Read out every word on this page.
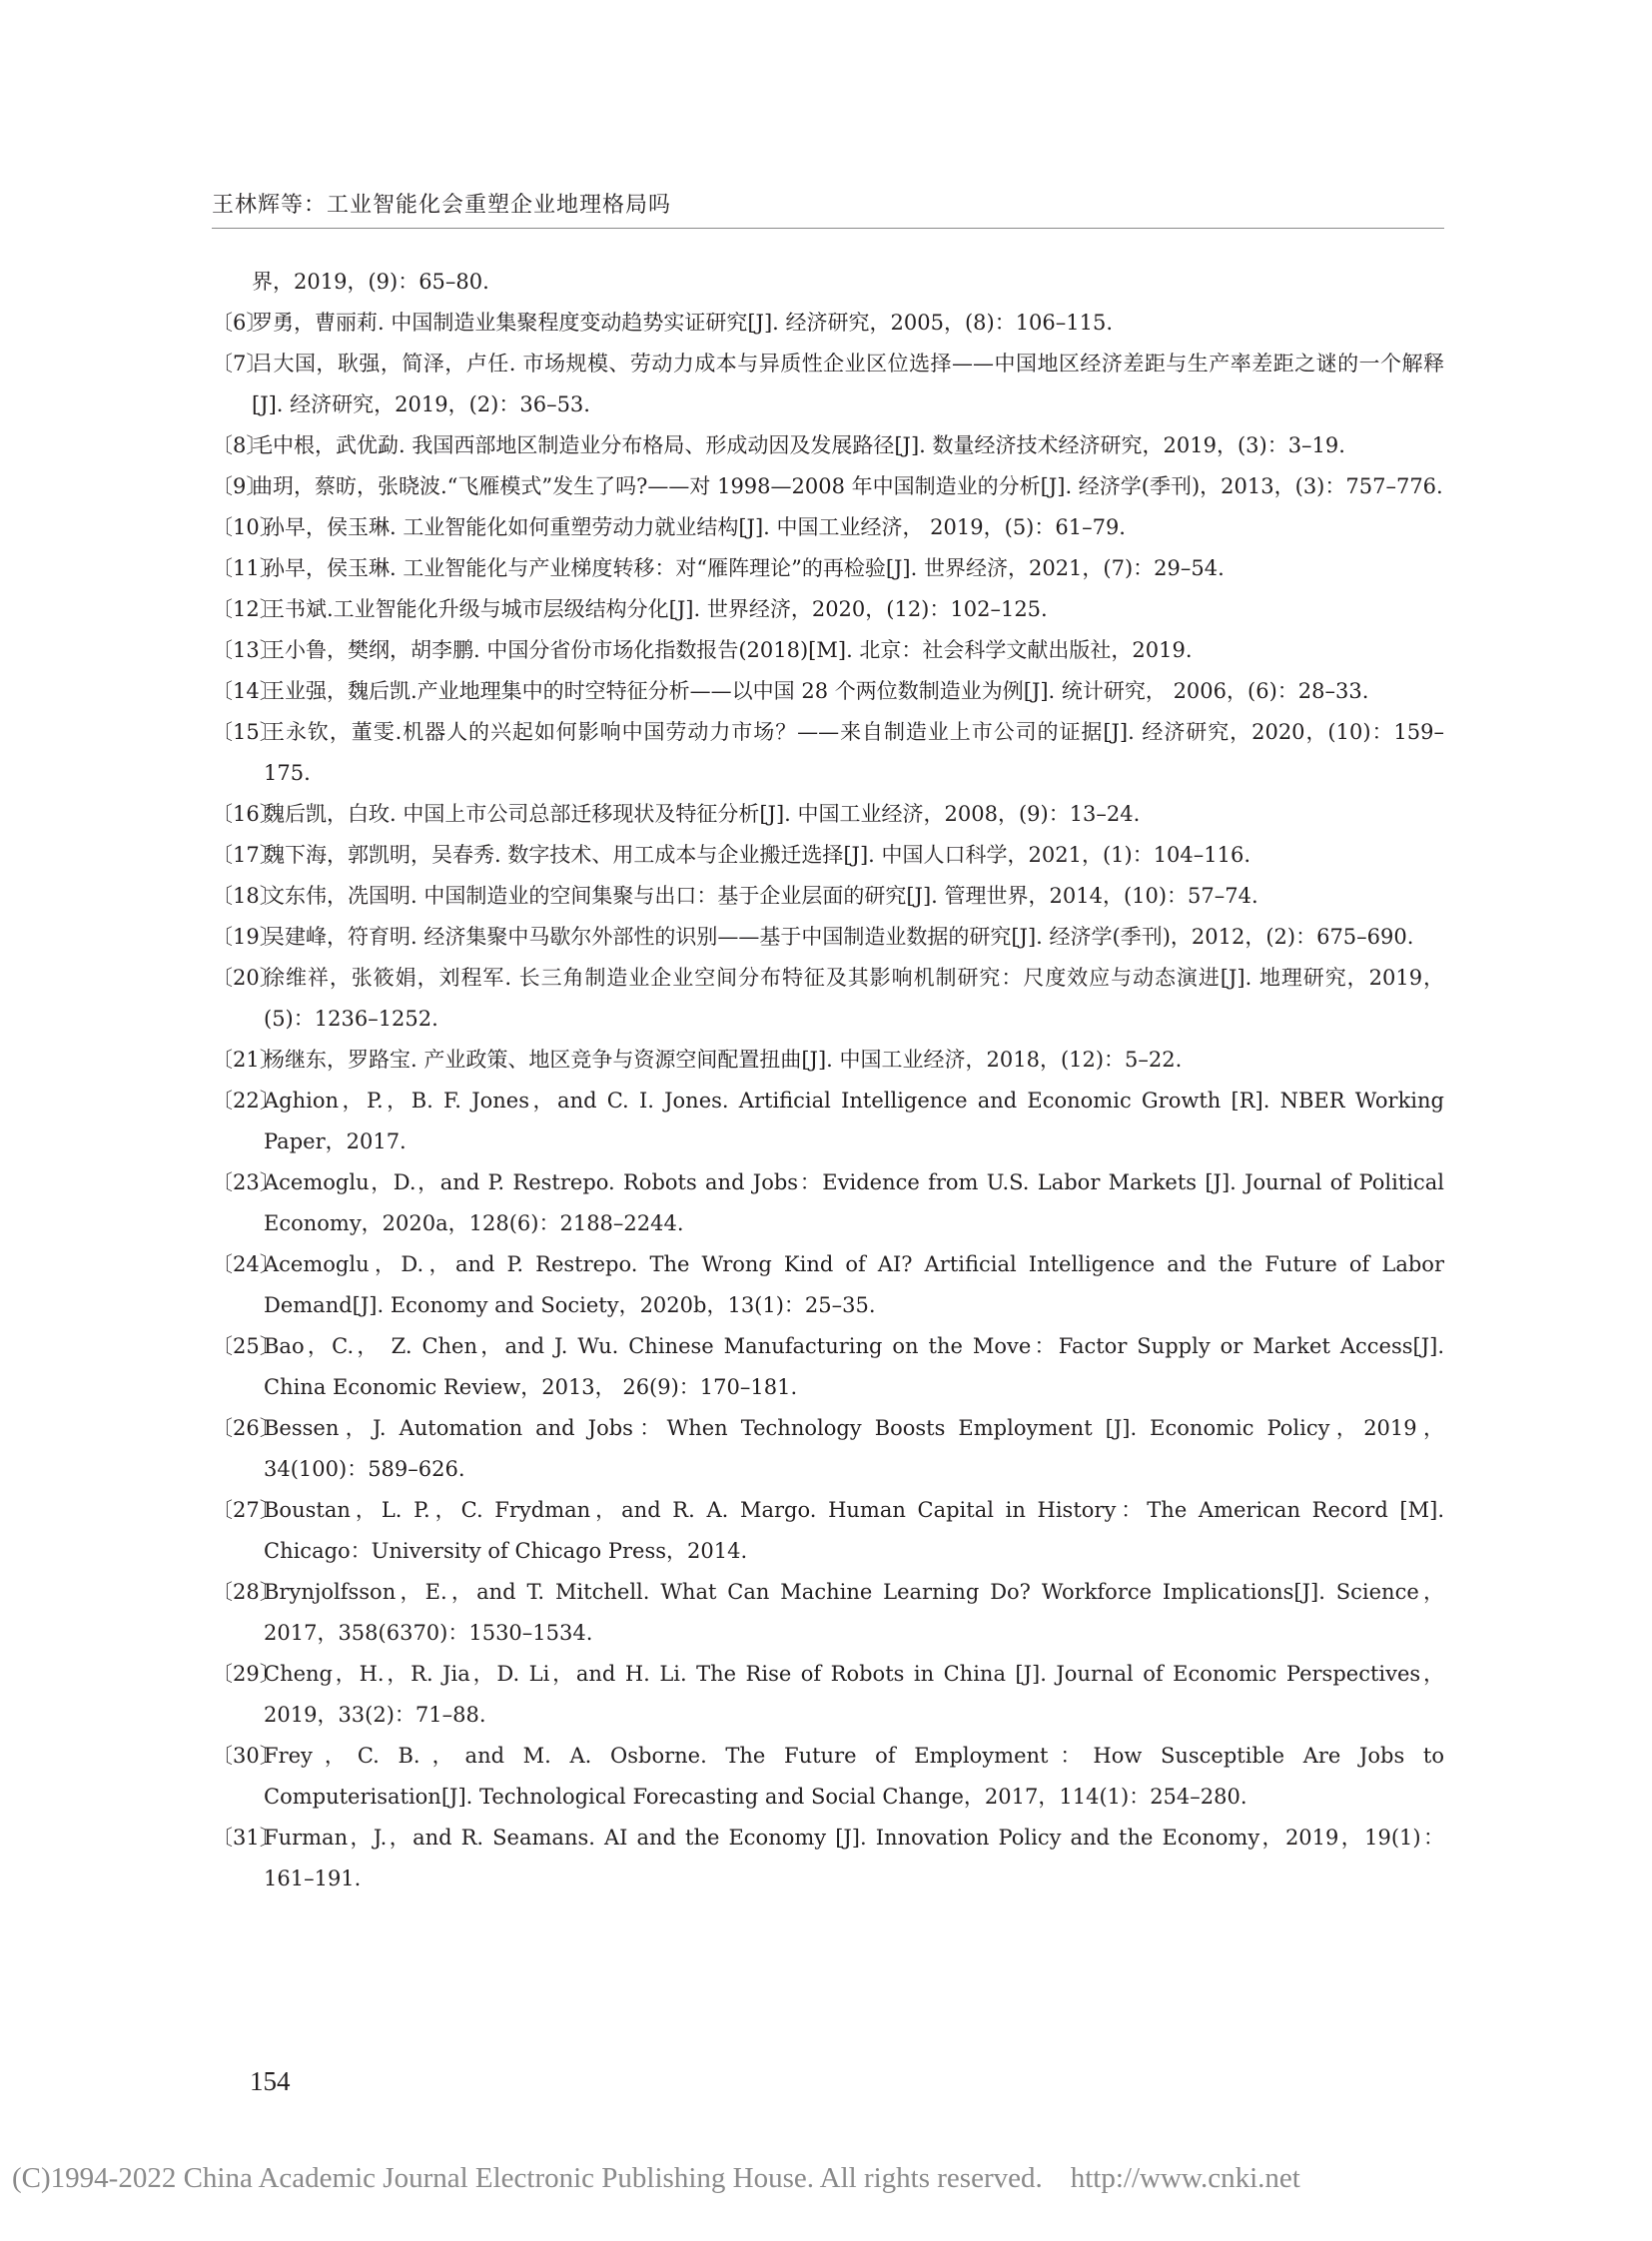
王林辉等：工业智能化会重塑企业地理格局吗

界，2019，(9)：65–80.

〔6〕
罗勇，曹丽莉. 中国制造业集聚程度变动趋势实证研究[J]. 经济研究，2005，(8)：106–115.

〔7〕
吕大国，耿强，简泽，卢任. 市场规模、劳动力成本与异质性企业区位选择——中国地区经济差距与生产率差距之谜的一个解释[J]. 经济研究，2019，(2)：36–53.

〔8〕
毛中根，武优勐. 我国西部地区制造业分布格局、形成动因及发展路径[J]. 数量经济技术经济研究，2019，(3)：3–19.

〔9〕
曲玥，蔡昉，张晓波.“飞雁模式”发生了吗?——对 1998—2008 年中国制造业的分析[J]. 经济学(季刊)，2013，(3)：757–776.

〔10〕
孙早，侯玉琳. 工业智能化如何重塑劳动力就业结构[J]. 中国工业经济， 2019，(5)：61–79.

〔11〕
孙早，侯玉琳. 工业智能化与产业梯度转移：对“雁阵理论”的再检验[J]. 世界经济，2021，(7)：29–54.

〔12〕
王书斌.工业智能化升级与城市层级结构分化[J]. 世界经济，2020，(12)：102–125.

〔13〕
王小鲁，樊纲，胡李鹏. 中国分省份市场化指数报告(2018)[M]. 北京：社会科学文献出版社，2019.

〔14〕
王业强，魏后凯.产业地理集中的时空特征分析——以中国 28 个两位数制造业为例[J]. 统计研究， 2006，(6)：28–33.

〔15〕
王永钦，董雯.机器人的兴起如何影响中国劳动力市场？——来自制造业上市公司的证据[J]. 经济研究，2020，(10)：159–175.

〔16〕
魏后凯，白玫. 中国上市公司总部迁移现状及特征分析[J]. 中国工业经济，2008，(9)：13–24.

〔17〕
魏下海，郭凯明，吴春秀. 数字技术、用工成本与企业搬迁选择[J]. 中国人口科学，2021，(1)：104–116.

〔18〕
文东伟，冼国明. 中国制造业的空间集聚与出口：基于企业层面的研究[J]. 管理世界，2014，(10)：57–74.

〔19〕
吴建峰，符育明. 经济集聚中马歇尔外部性的识别——基于中国制造业数据的研究[J]. 经济学(季刊)，2012，(2)：675–690.

〔20〕
徐维祥，张筱娟，刘程军. 长三角制造业企业空间分布特征及其影响机制研究：尺度效应与动态演进[J]. 地理研究，2019，(5)：1236–1252.

〔21〕
杨继东，罗路宝. 产业政策、地区竞争与资源空间配置扭曲[J]. 中国工业经济，2018，(12)：5–22.

〔22〕
Aghion，P.，B. F. Jones，and C. I. Jones. Artificial Intelligence and Economic Growth [R]. NBER Working Paper，2017.

〔23〕
Acemoglu，D.，and P. Restrepo. Robots and Jobs：Evidence from U.S. Labor Markets [J]. Journal of Political Economy，2020a，128(6)：2188–2244.

〔24〕
Acemoglu，D.，and P. Restrepo. The Wrong Kind of AI? Artificial Intelligence and the Future of Labor Demand[J]. Economy and Society，2020b，13(1)：25–35.

〔25〕
Bao，C.， Z. Chen，and J. Wu. Chinese Manufacturing on the Move：Factor Supply or Market Access[J]. China Economic Review，2013， 26(9)：170–181.

〔26〕
Bessen，J. Automation and Jobs：When Technology Boosts Employment [J]. Economic Policy，2019，34(100)：589–626.

〔27〕
Boustan，L. P.，C. Frydman，and R. A. Margo. Human Capital in History：The American Record [M]. Chicago：University of Chicago Press，2014.

〔28〕
Brynjolfsson，E.，and T. Mitchell. What Can Machine Learning Do? Workforce Implications[J]. Science，2017，358(6370)：1530–1534.

〔29〕
Cheng，H.，R. Jia，D. Li，and H. Li. The Rise of Robots in China [J]. Journal of Economic Perspectives，2019，33(2)：71–88.

〔30〕
Frey，C. B.，and M. A. Osborne. The Future of Employment：How Susceptible Are Jobs to Computerisation[J]. Technological Forecasting and Social Change，2017，114(1)：254–280.

〔31〕
Furman，J.，and R. Seamans. AI and the Economy [J]. Innovation Policy and the Economy，2019，19(1)：161–191.

154
(C)1994-2022 China Academic Journal Electronic Publishing House. All rights reserved. http://www.cnki.net
